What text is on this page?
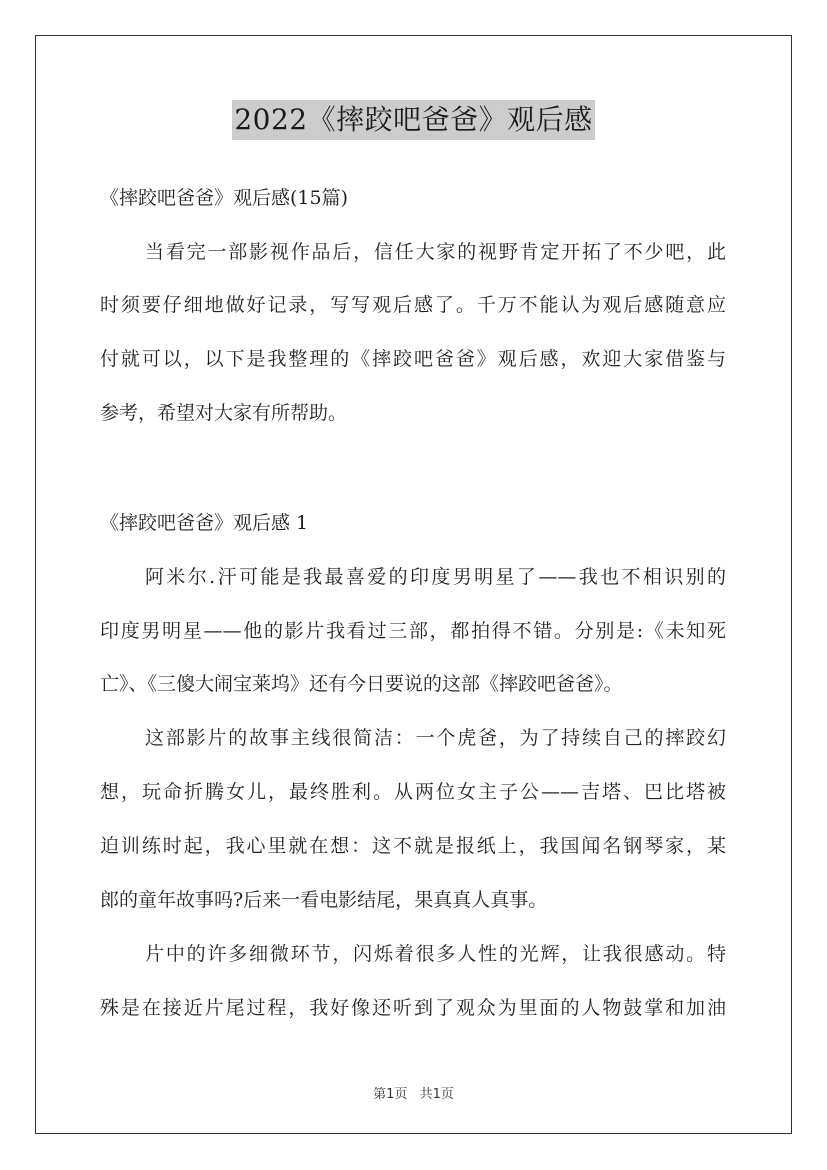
2022《摔跤吧爸爸》观后感
《摔跤吧爸爸》观后感(15篇)
当看完一部影视作品后，信任大家的视野肯定开拓了不少吧，此
时须要仔细地做好记录，写写观后感了。千万不能认为观后感随意应
付就可以，以下是我整理的《摔跤吧爸爸》观后感，欢迎大家借鉴与
参考，希望对大家有所帮助。
《摔跤吧爸爸》观后感 1
阿米尔.汗可能是我最喜爱的印度男明星了——我也不相识别的
印度男明星——他的影片我看过三部，都拍得不错。分别是:《未知死
亡》、《三傻大闹宝莱坞》还有今日要说的这部《摔跤吧爸爸》。
这部影片的故事主线很简洁：一个虎爸，为了持续自己的摔跤幻
想，玩命折腾女儿，最终胜利。从两位女主子公——吉塔、巴比塔被
迫训练时起，我心里就在想：这不就是报纸上，我国闻名钢琴家，某
郎的童年故事吗?后来一看电影结尾，果真真人真事。
片中的许多细微环节，闪烁着很多人性的光辉，让我很感动。特
殊是在接近片尾过程，我好像还听到了观众为里面的人物鼓掌和加油
第1页 共1页
